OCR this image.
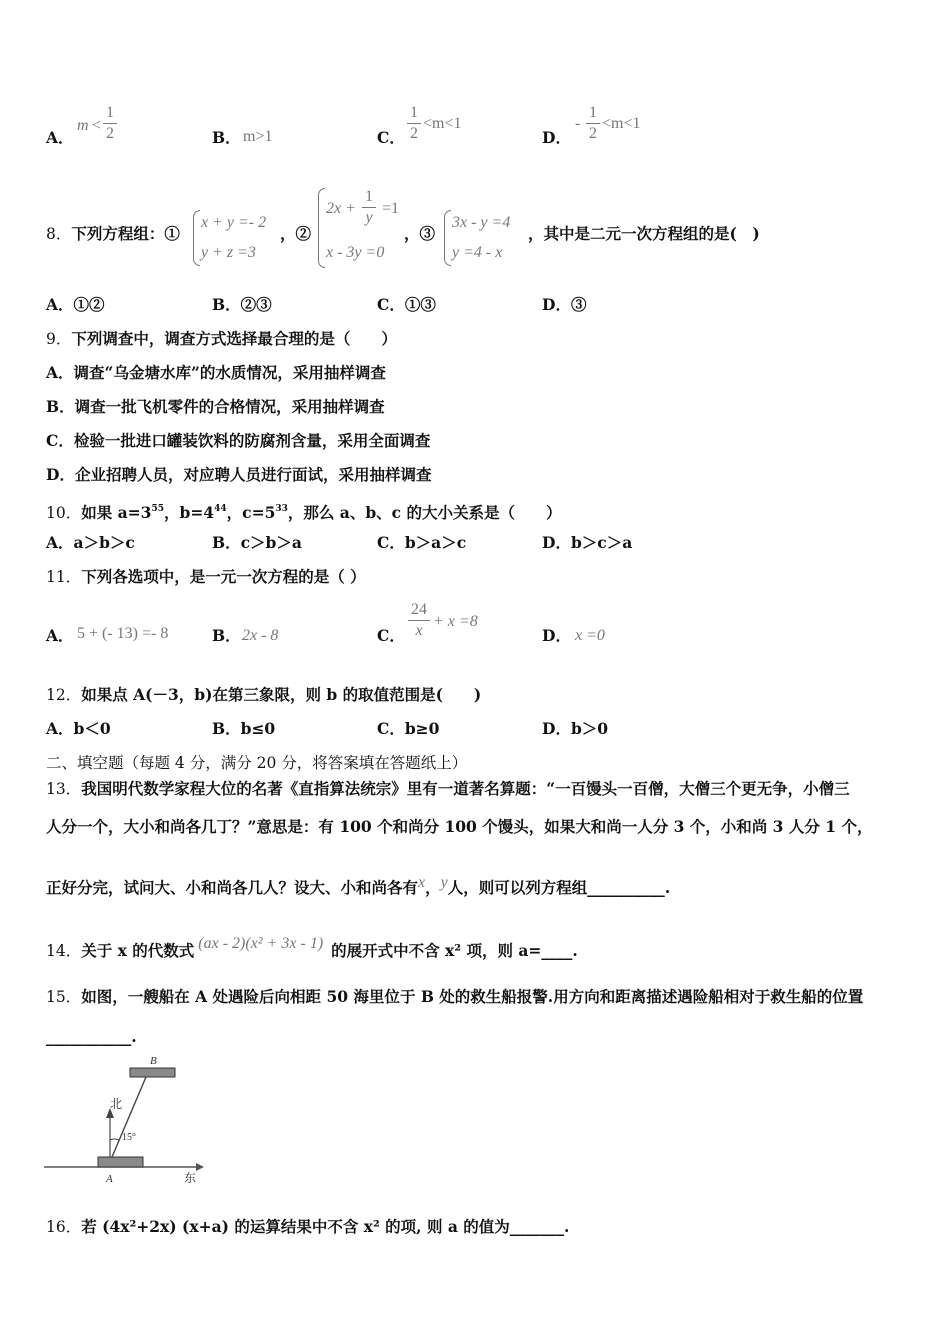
A．
m <
1
2	B． m>1	C．
1
2
<m<1
D．
-
1
2
<m<1
8．下列方程组：①
x + y =- 2
y + z =3
，②
2x +
1
y
=1
x - 3y =0
，③
3x - y =4
y =4 - x
，其中是二元一次方程组的是(　)
A．①②	B．②③	C．①③	D．③
9．下列调查中，调查方式选择最合理的是（　　）
A．调查“乌金塘水库”的水质情况，采用抽样调查
B．调查一批飞机零件的合格情况，采用抽样调查
C．检验一批进口罐装饮料的防腐剂含量，采用全面调查
D．企业招聘人员，对应聘人员进行面试，采用抽样调查
10．如果 $a=3^{55}$，$b=4^{44}$，$c=5^{33}$，那么 a、b、c 的大小关系是（　　）
A．a＞b＞c	B．c＞b＞a	C．b＞a＞c	D．b＞c＞a
11．下列各选项中，是一元一次方程的是（ ）
A． 5 + (- 13) =- 8	B． 2x - 8	C．
24
x
+ x =8
D． x =0
12．如果点 A(－3，b)在第三象限，则 b 的取值范围是(　　)
A．b＜0	B．b≤0	C．b≥0	D．b＞0
二、填空题（每题 4 分，满分 20 分，将答案填在答题纸上）
13．我国明代数学家程大位的名著《直指算法统宗》里有一道著名算题：“一百馒头一百僧，大僧三个更无争，小僧三
人分一个，大小和尚各几丁？”意思是：有 100 个和尚分 100 个馒头，如果大和尚一人分 3 个，小和尚 3 人分 1 个，
正好分完，试问大、小和尚各几人？设大、小和尚各有x，y人，则可以列方程组__________.
14．关于 x 的代数式 (ax - 2)(x² + 3x - 1) 的展开式中不含 x² 项，则 a=____.
15．如图，一艘船在 A 处遇险后向相距 50 海里位于 B 处的救生船报警.用方向和距离描述遇险船相对于救生船的位置
___________.
北
东
A
B
15°
16．若 (4x²+2x) (x+a) 的运算结果中不含 x² 的项, 则 a 的值为_______.
